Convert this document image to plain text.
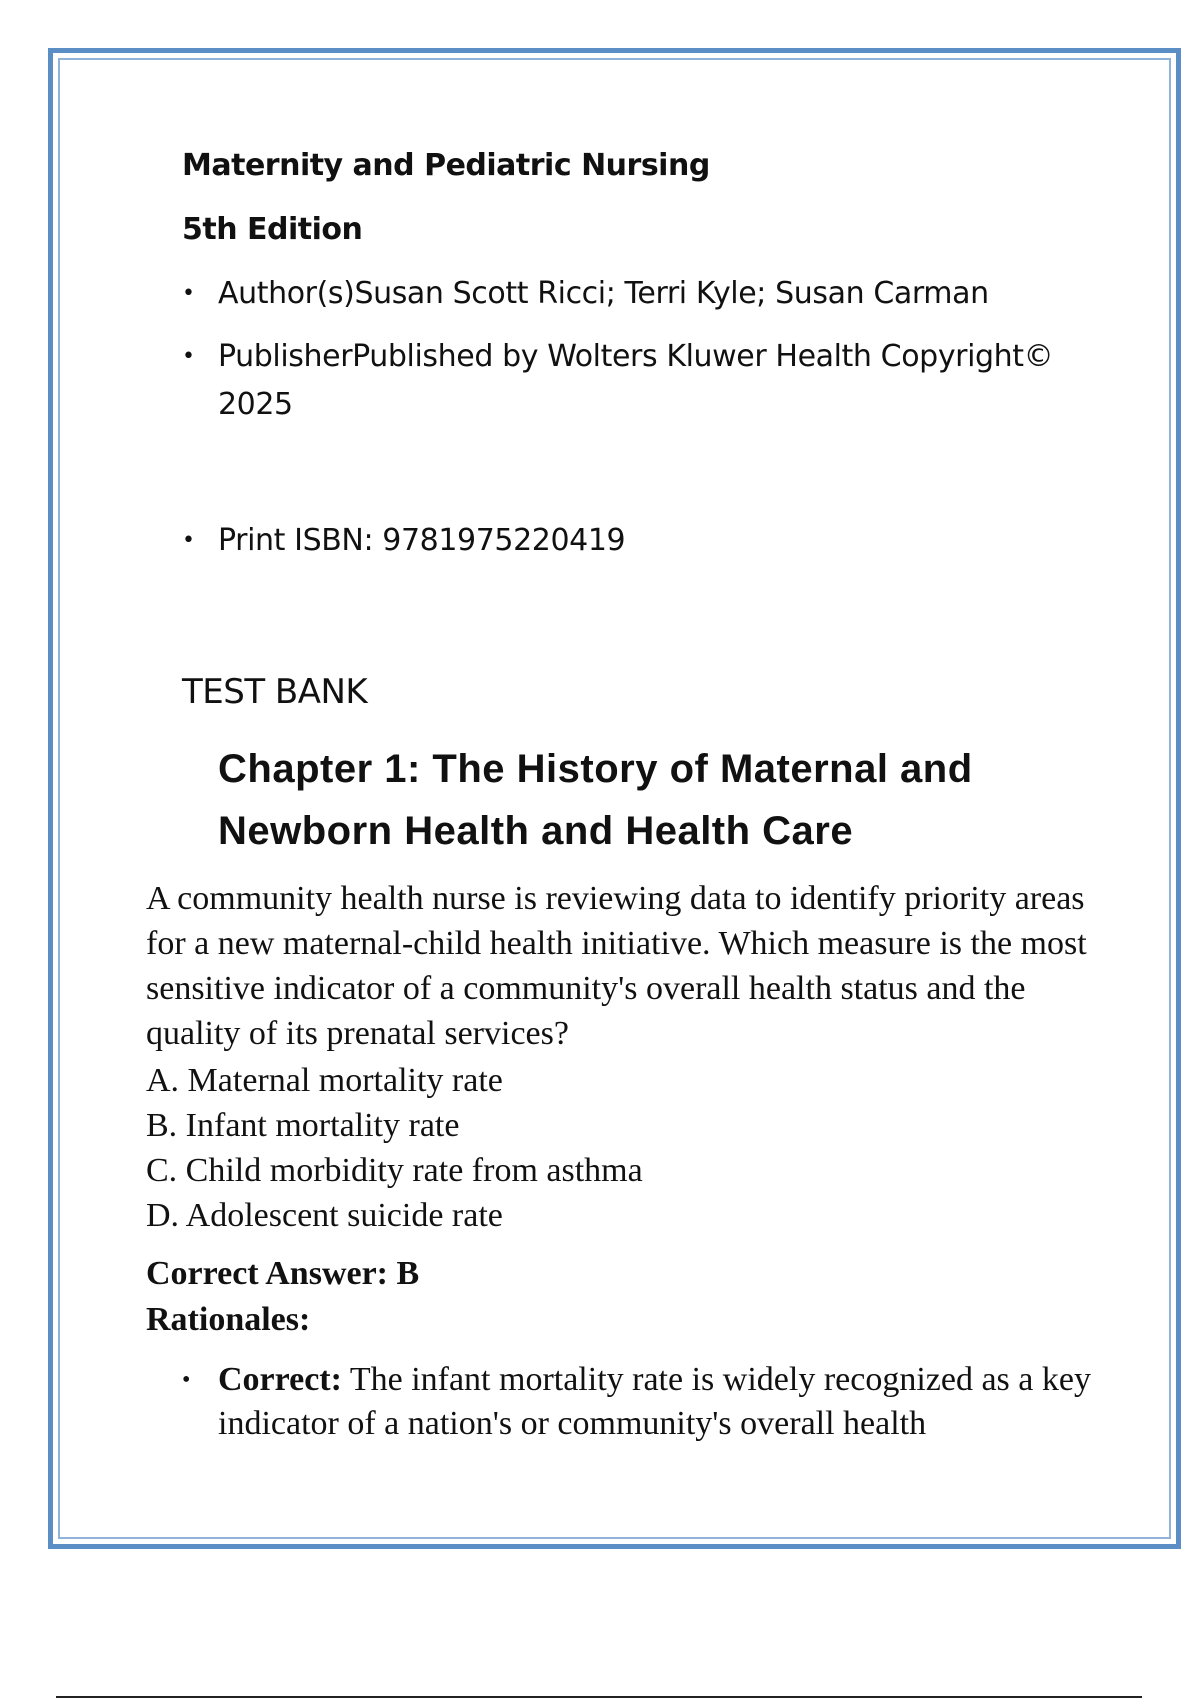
Maternity and Pediatric Nursing
5th Edition
• Author(s)Susan Scott Ricci; Terri Kyle; Susan Carman
• PublisherPublished by Wolters Kluwer Health Copyright© 2025
• Print ISBN: 9781975220419
TEST BANK
Chapter 1: The History of Maternal and Newborn Health and Health Care
A community health nurse is reviewing data to identify priority areas for a new maternal-child health initiative. Which measure is the most sensitive indicator of a community's overall health status and the quality of its prenatal services?
A. Maternal mortality rate
B. Infant mortality rate
C. Child morbidity rate from asthma
D. Adolescent suicide rate
Correct Answer: B
Rationales:
• Correct: The infant mortality rate is widely recognized as a key indicator of a nation's or community's overall health
